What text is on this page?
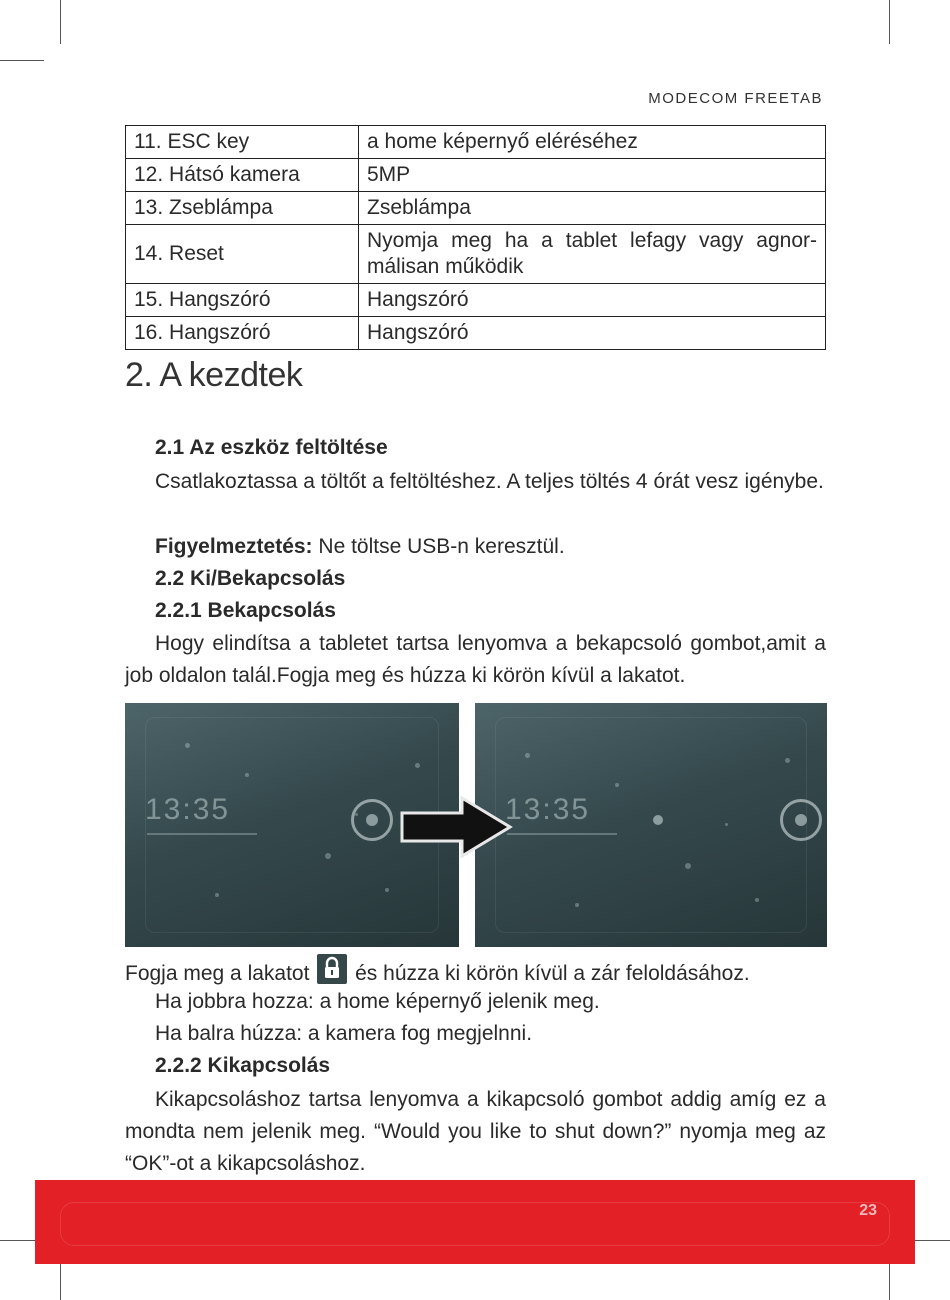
MODECOM FREETAB
11. ESC key	a home képernyő eléréséhez
12. Hátsó kamera	5MP
13. Zseblámpa	Zseblámpa
14. Reset	Nyomja meg ha a tablet lefagy vagy agnor-málisan működik
15. Hangszóró	Hangszóró
16. Hangszóró	Hangszóró
2. A kezdtek
2.1 Az eszköz feltöltése
Csatlakoztassa a töltőt a feltöltéshez. A teljes töltés 4 órát vesz igénybe.
Figyelmeztetés: Ne töltse USB-n keresztül.
2.2 Ki/Bekapcsolás
2.2.1 Bekapcsolás
Hogy elindítsa a tabletet tartsa lenyomva a bekapcsoló gombot,amit a job oldalon talál.Fogja meg és húzza ki körön kívül a lakatot.
13:35	13:35
Fogja meg a lakatot és húzza ki körön kívül a zár feloldásához.
Ha jobbra hozza: a home képernyő jelenik meg.
Ha balra húzza: a kamera fog megjelnni.
2.2.2 Kikapcsolás
Kikapcsoláshoz tartsa lenyomva a kikapcsoló gombot addig amíg ez a mondta nem jelenik meg. “Would you like to shut down?” nyomja meg az “OK”-ot a kikapcsoláshoz.
23
